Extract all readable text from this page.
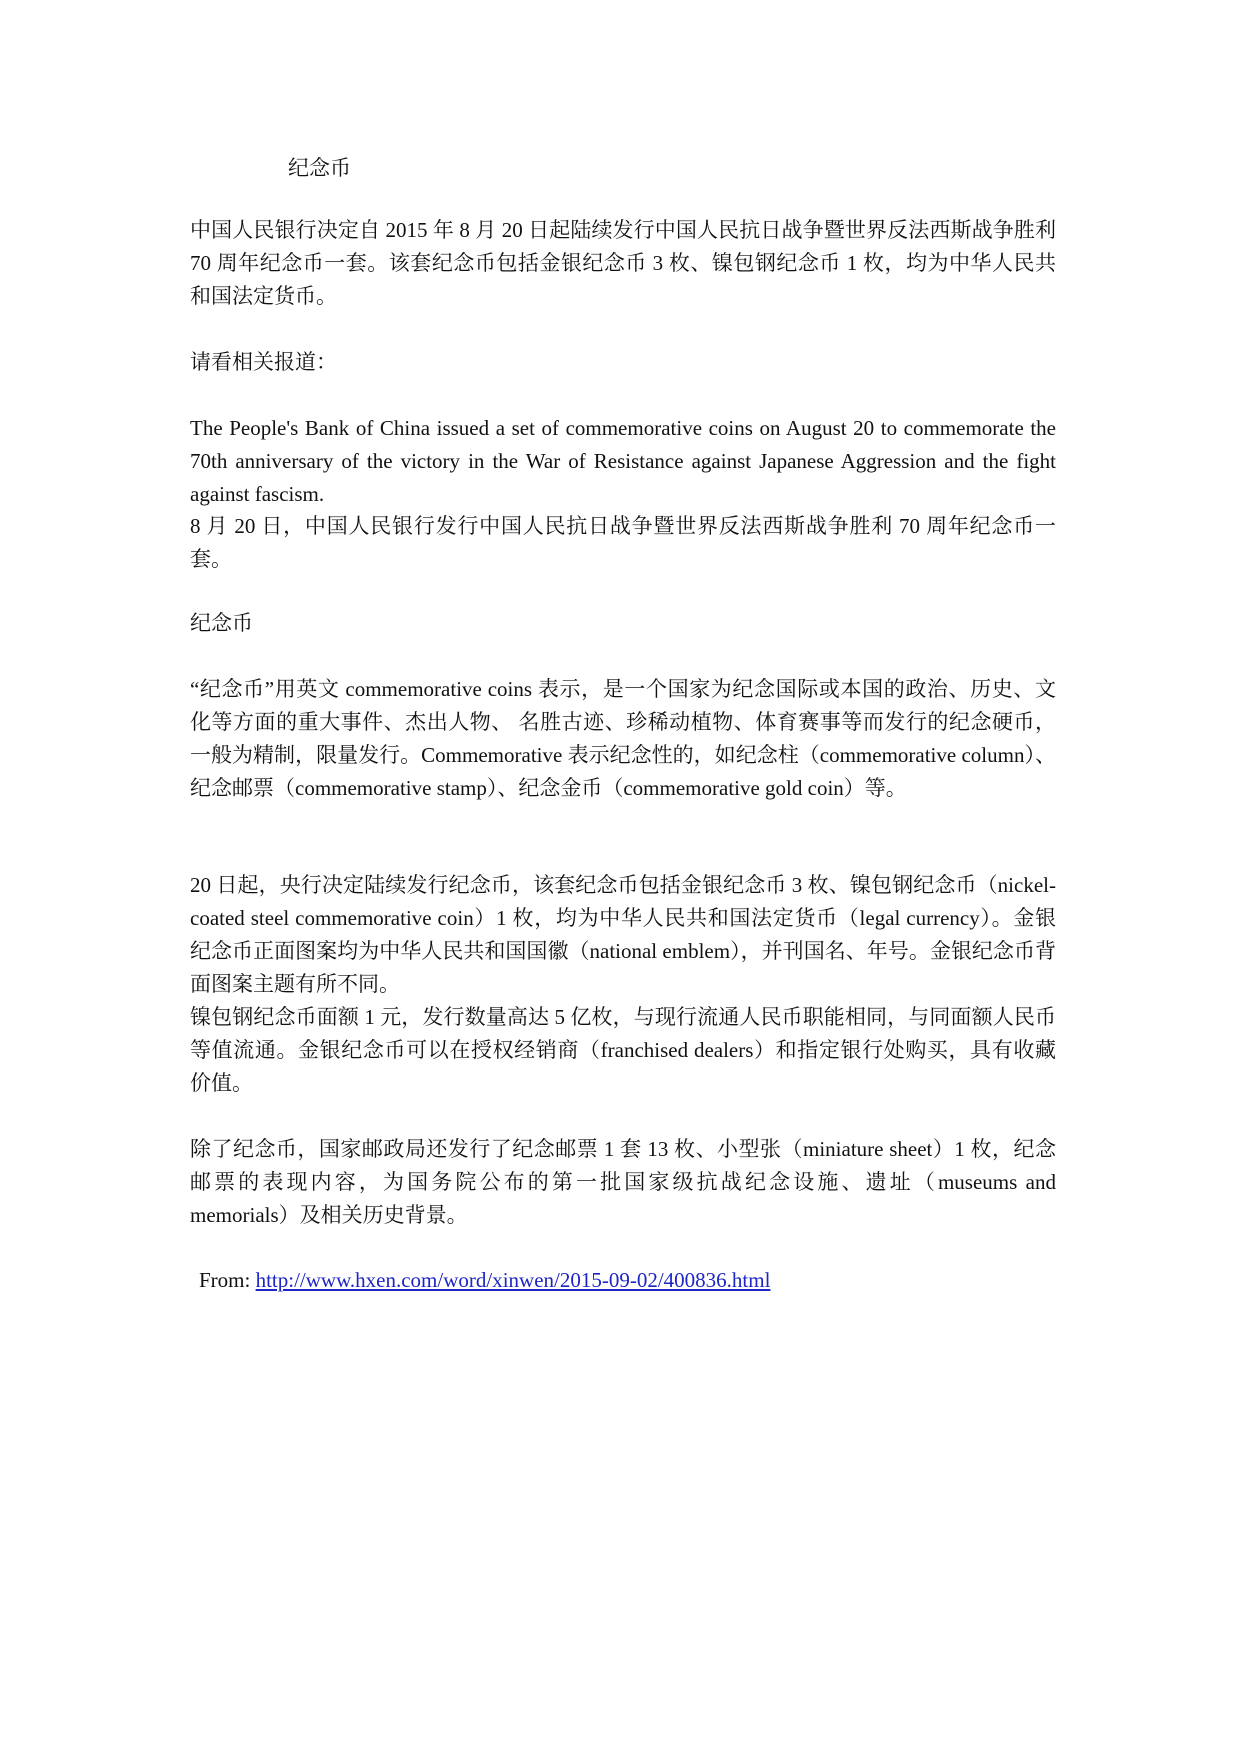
纪念币
中国人民银行决定自 2015 年 8 月 20 日起陆续发行中国人民抗日战争暨世界反法西斯战争胜利 70 周年纪念币一套。该套纪念币包括金银纪念币 3 枚、镍包钢纪念币 1 枚，均为中华人民共和国法定货币。
请看相关报道：
The People's Bank of China issued a set of commemorative coins on August 20 to commemorate the 70th anniversary of the victory in the War of Resistance against Japanese Aggression and the fight against fascism.
8 月 20 日，中国人民银行发行中国人民抗日战争暨世界反法西斯战争胜利 70 周年纪念币一套。
纪念币
“纪念币”用英文 commemorative coins 表示，是一个国家为纪念国际或本国的政治、历史、文化等方面的重大事件、杰出人物、 名胜古迹、珍稀动植物、体育赛事等而发行的纪念硬币，一般为精制，限量发行。Commemorative 表示纪念性的，如纪念柱（commemorative column）、纪念邮票（commemorative stamp）、纪念金币（commemorative gold coin）等。
20 日起，央行决定陆续发行纪念币，该套纪念币包括金银纪念币 3 枚、镍包钢纪念币（nickel-coated steel commemorative coin）1 枚，均为中华人民共和国法定货币（legal currency）。金银纪念币正面图案均为中华人民共和国国徽（national emblem），并刊国名、年号。金银纪念币背面图案主题有所不同。
镍包钢纪念币面额 1 元，发行数量高达 5 亿枚，与现行流通人民币职能相同，与同面额人民币等值流通。金银纪念币可以在授权经销商（franchised dealers）和指定银行处购买，具有收藏价值。
除了纪念币，国家邮政局还发行了纪念邮票 1 套 13 枚、小型张（miniature sheet）1 枚，纪念邮票的表现内容，为国务院公布的第一批国家级抗战纪念设施、遗址（museums and memorials）及相关历史背景。
From: http://www.hxen.com/word/xinwen/2015-09-02/400836.html
